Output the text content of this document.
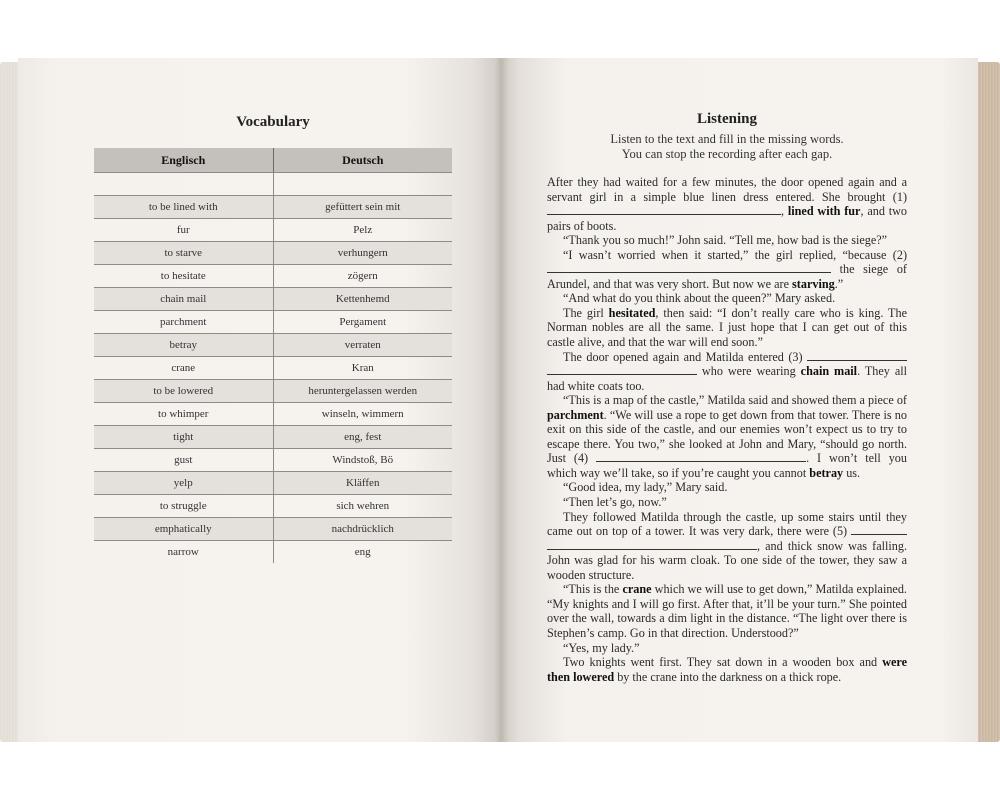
Vocabulary
Englisch	Deutsch

to be lined with	gefüttert sein mit
fur	Pelz
to starve	verhungern
to hesitate	zögern
chain mail	Kettenhemd
parchment	Pergament
betray	verraten
crane	Kran
to be lowered	heruntergelassen werden
to whimper	winseln, wimmern
tight	eng, fest
gust	Windstoß, Bö
yelp	Kläffen
to struggle	sich wehren
emphatically	nachdrücklich
narrow	eng
Listening
Listen to the text and fill in the missing words.
You can stop the recording after each gap.

After they had waited for a few minutes, the door opened again and a servant girl in a simple blue linen dress entered. She brought (1) , lined with fur, and two pairs of boots.

“Thank you so much!” John said. “Tell me, how bad is the siege?”

“I wasn’t worried when it started,” the girl replied, “because (2)  the siege of Arundel, and that was very short. But now we are starving.”

“And what do you think about the queen?” Mary asked.

The girl hesitated, then said: “I don’t really care who is king. The Norman nobles are all the same. I just hope that I can get out of this castle alive, and that the war will end soon.”

The door opened again and Matilda entered (3)   who were wearing chain mail. They all had white coats too.

“This is a map of the castle,” Matilda said and showed them a piece of parchment. “We will use a rope to get down from that tower. There is no exit on this side of the castle, and our enemies won’t expect us to try to escape there. You two,” she looked at John and Mary, “should go north. Just (4)	. I won’t tell you which way we’ll take, so if you’re caught you cannot betray us.

“Good idea, my lady,” Mary said.

“Then let’s go, now.”

They followed Matilda through the castle, up some stairs until they came out on top of a tower. It was very dark, there were (5)  , and thick snow was falling. John was glad for his warm cloak. To one side of the tower, they saw a wooden structure.

“This is the crane which we will use to get down,” Matilda explained. “My knights and I will go first. After that, it’ll be your turn.” She pointed over the wall, towards a dim light in the distance. “The light over there is Stephen’s camp. Go in that direction. Understood?”

“Yes, my lady.”

Two knights went first. They sat down in a wooden box and were then lowered by the crane into the darkness on a thick rope.
